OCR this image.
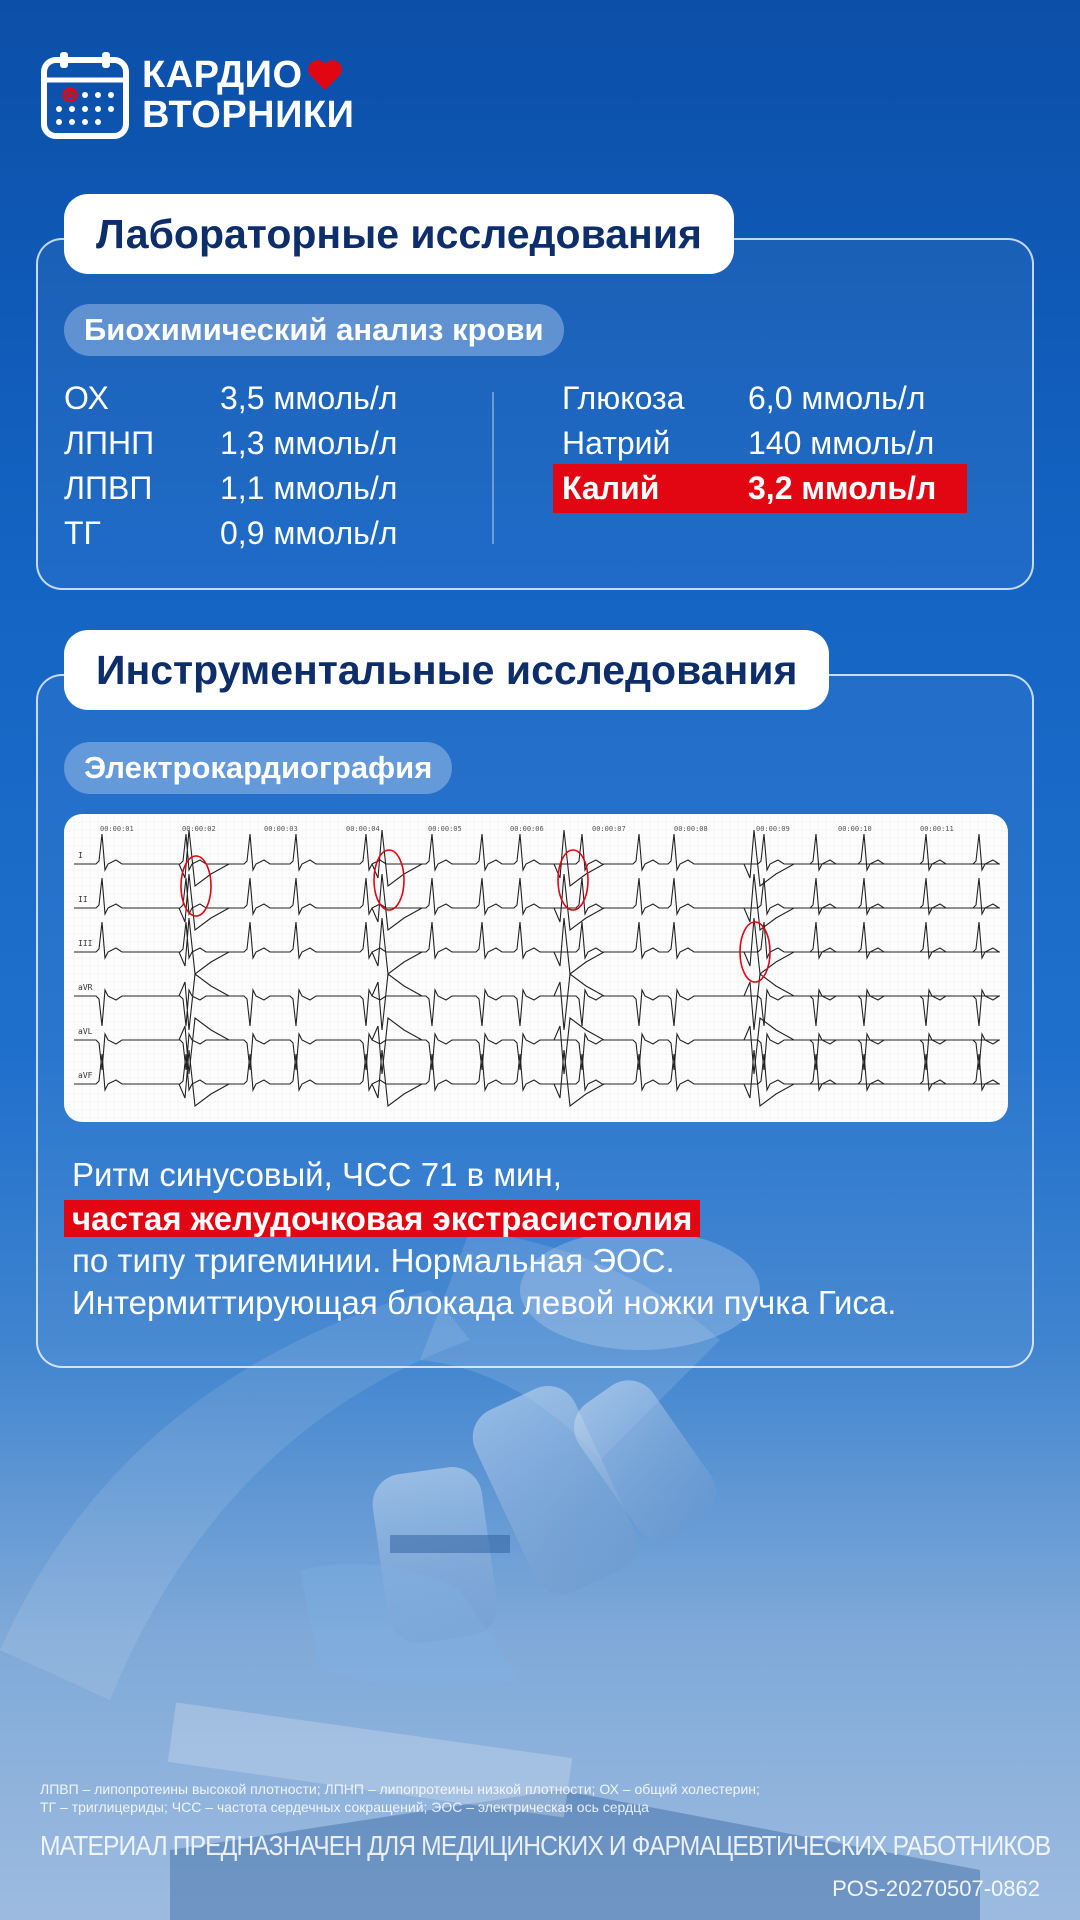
КАРДИО
ВТОРНИКИ
Лабораторные исследования
Биохимический анализ крови
ОХ	3,5 ммоль/л
ЛПНП 1,3 ммоль/л
ЛПВП 1,1 ммоль/л
ТГ	0,9 ммоль/л
Глюкоза 6,0 ммоль/л
Натрий 140 ммоль/л
Калий	3,2 ммоль/л
Инструментальные исследования
Электрокардиография
00:00:01	00:00:02	00:00:03	00:00:04	00:00:05	00:00:06	00:00:07	00:00:08	00:00:09	00:00:10	00:00:11
I
II
III
aVR
aVL
aVF
Ритм синусовый, ЧСС 71 в мин,
частая желудочковая экстрасистолия
по типу тригеминии. Нормальная ЭОС.
Интермиттирующая блокада левой ножки пучка Гиса.
ЛПВП – липопротеины высокой плотности; ЛПНП – липопротеины низкой плотности; ОХ – общий холестерин;
ТГ – триглицериды; ЧСС – частота сердечных сокращений; ЭОС – электрическая ось сердца
МАТЕРИАЛ ПРЕДНАЗНАЧЕН ДЛЯ МЕДИЦИНСКИХ И ФАРМАЦЕВТИЧЕСКИХ РАБОТНИКОВ
POS-20270507-0862
